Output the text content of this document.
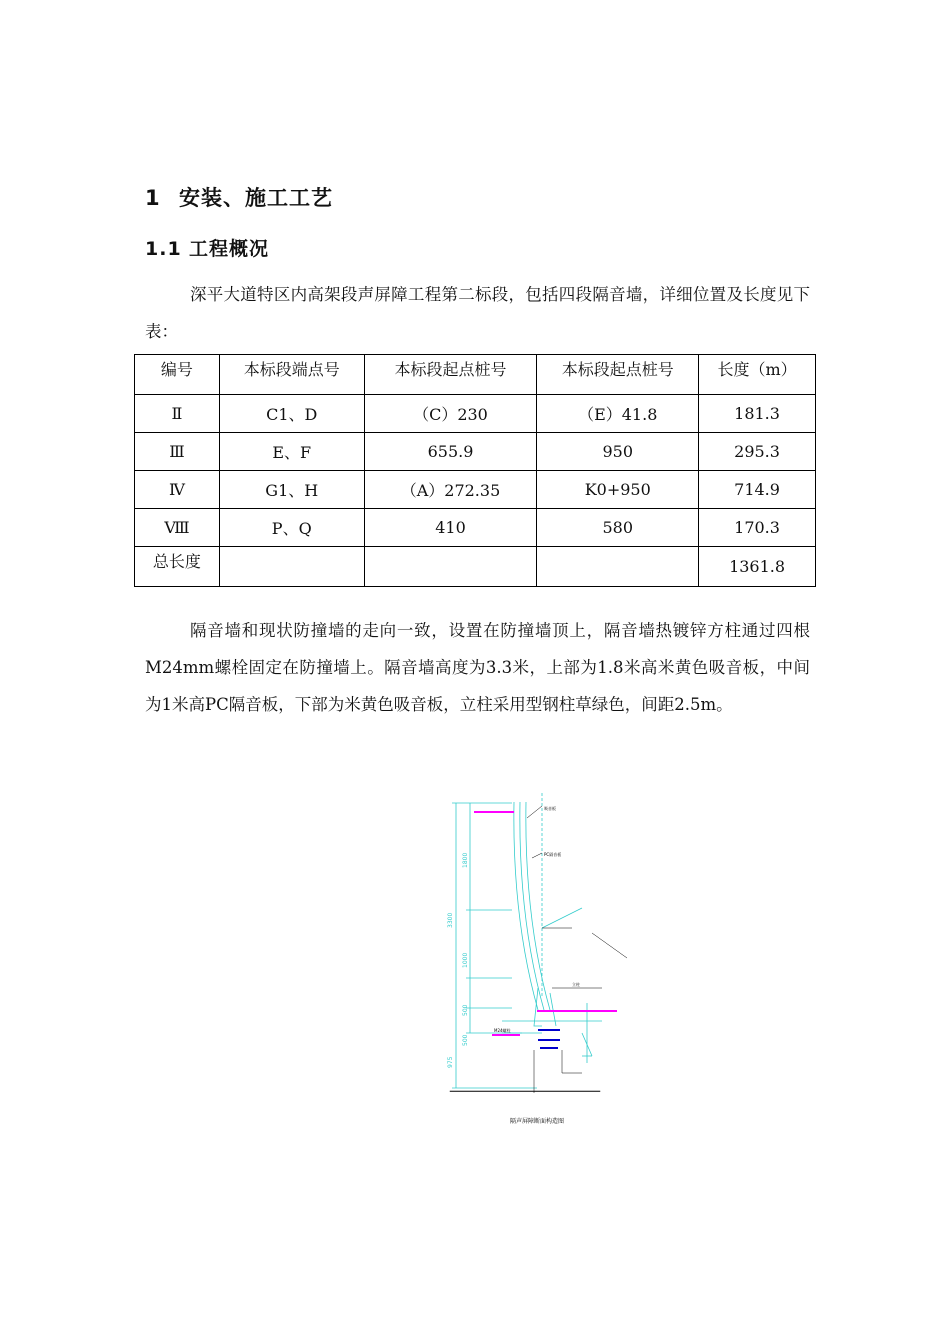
1 安装、施工工艺
1.1 工程概况

深平大道特区内高架段声屏障工程第二标段，包括四段隔音墙，详细位置及长度见下表：

编号	本标段端点号	本标段起点桩号	本标段起点桩号	长度（m）
Ⅱ	C1、D	（C）230	（E）41.8	181.3
Ⅲ	E、F	655.9	950	295.3
Ⅳ	G1、H	（A）272.35	K0+950	714.9
Ⅷ	P、Q	410	580	170.3
总长度				1361.8

隔音墙和现状防撞墙的走向一致，设置在防撞墙顶上，隔音墙热镀锌方柱通过四根M24mm螺栓固定在防撞墙上。隔音墙高度为3.3米，上部为1.8米高米黄色吸音板，中间为1米高PC隔音板，下部为米黄色吸音板，立柱采用型钢柱草绿色，间距2.5m。

3300
1800
1000
500
500
975
吸音板
PC隔音板
立柱
M24螺栓
隔声屏障断面构造图
